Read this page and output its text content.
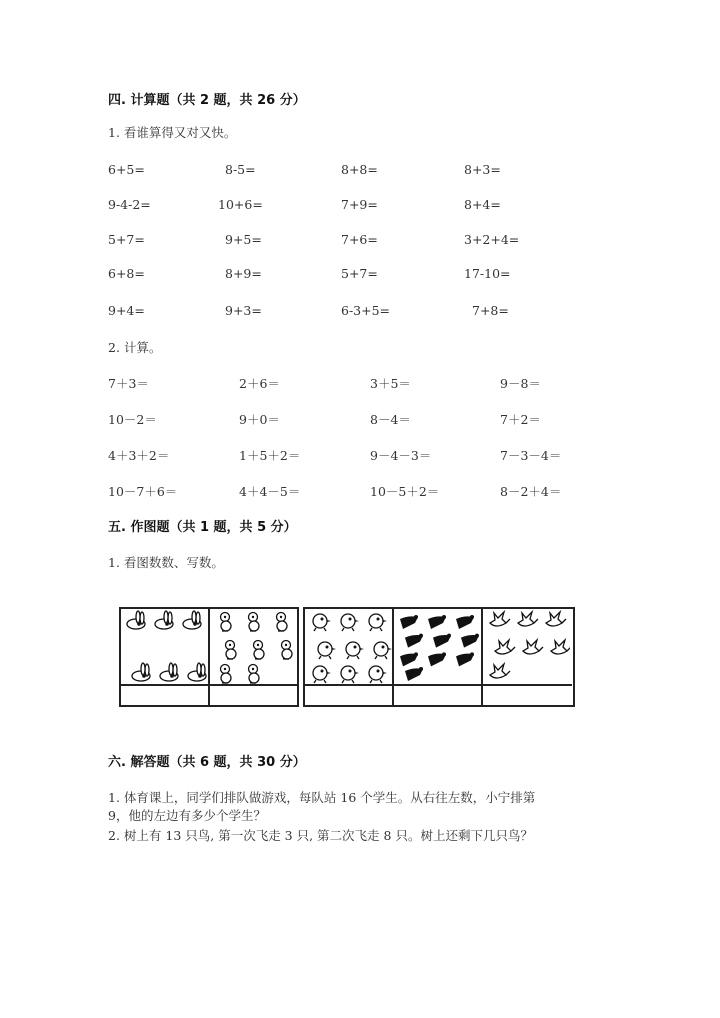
四. 计算题（共 2 题，共 26 分）
1. 看谁算得又对又快。
2. 计算。
五. 作图题（共 1 题，共 5 分）
1. 看图数数、写数。
六. 解答题（共 6 题，共 30 分）
1. 体育课上，同学们排队做游戏，每队站 16 个学生。从右往左数，小宁排第
9，他的左边有多少个学生？
2. 树上有 13 只鸟, 第一次飞走 3 只, 第二次飞走 8 只。树上还剩下几只鸟？
6+5=	8-5=	8+8=	8+3=
9-4-2=	10+6=	7+9=	8+4=
5+7=	9+5=	7+6=	3+2+4=
6+8=	8+9=	5+7=	17-10=
9+4=	9+3=	6-3+5=	7+8=
7＋3＝	2＋6＝	3＋5＝	9－8＝
10－2＝	9＋0＝	8－4＝	7＋2＝
4＋3＋2＝	1＋5＋2＝	9－4－3＝	7－3－4＝
10－7＋6＝	4＋4－5＝	10－5＋2＝	8－2＋4＝
